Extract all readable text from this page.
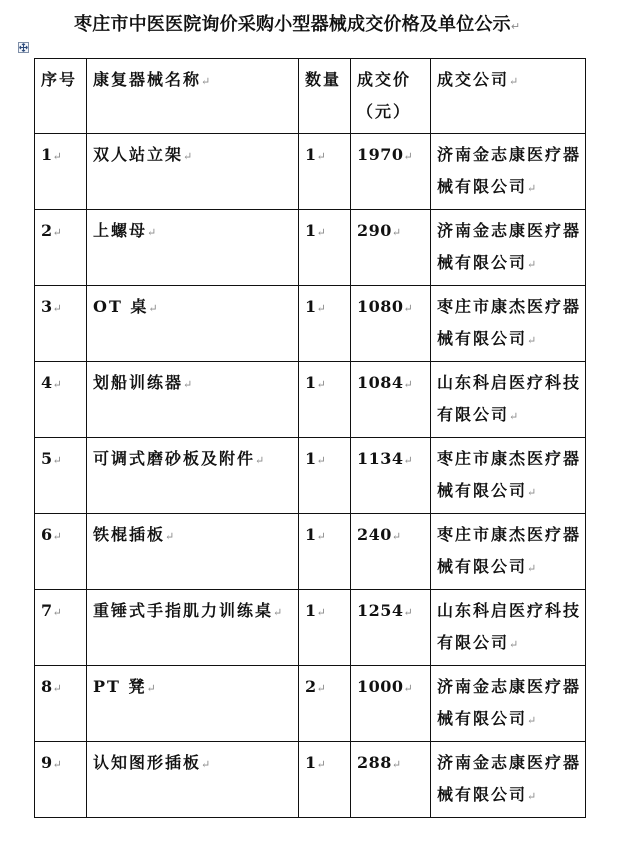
枣庄市中医医院询价采购小型器械成交价格及单位公示↵
序号	康复器械名称↵	数量	成交价（元）	成交公司↵
1↵	双人站立架↵	1↵	1970↵	济南金志康医疗器械有限公司↵
2↵	上螺母↵	1↵	290↵	济南金志康医疗器械有限公司↵
3↵	OT 桌↵	1↵	1080↵	枣庄市康杰医疗器械有限公司↵
4↵	划船训练器↵	1↵	1084↵	山东科启医疗科技有限公司↵
5↵	可调式磨砂板及附件↵	1↵	1134↵	枣庄市康杰医疗器械有限公司↵
6↵	铁棍插板↵	1↵	240↵	枣庄市康杰医疗器械有限公司↵
7↵	重锤式手指肌力训练桌↵	1↵	1254↵	山东科启医疗科技有限公司↵
8↵	PT 凳↵	2↵	1000↵	济南金志康医疗器械有限公司↵
9↵	认知图形插板↵	1↵	288↵	济南金志康医疗器械有限公司↵
